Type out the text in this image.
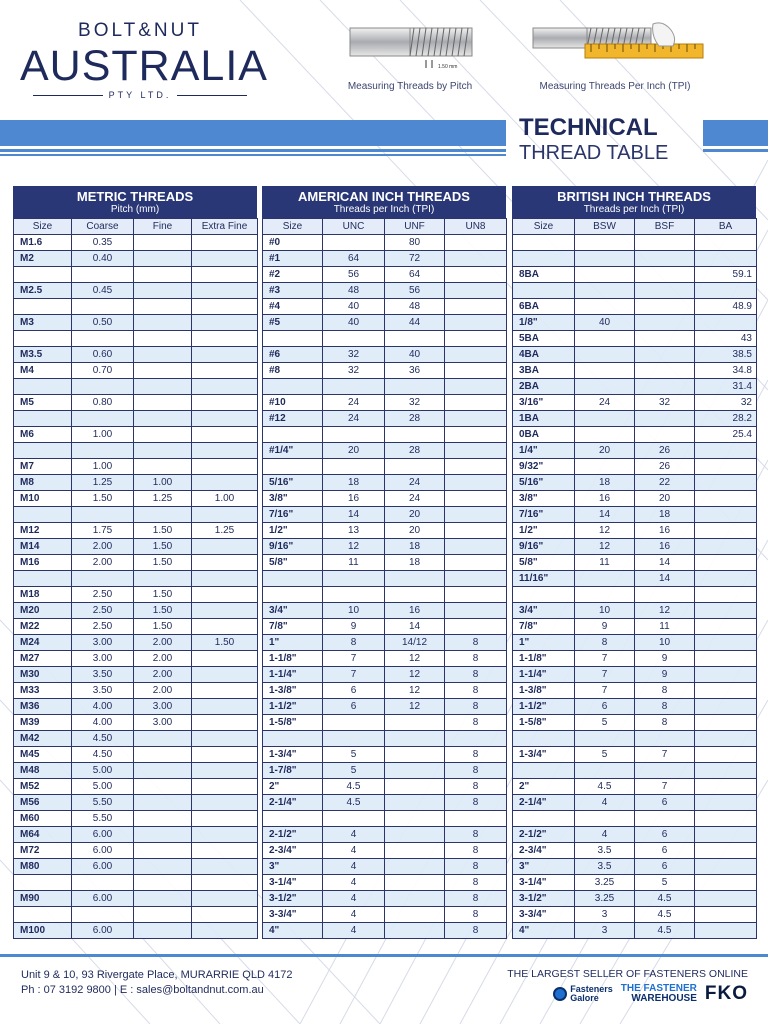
BOLT&NUT
AUSTRALIA
PTY LTD.
1.50 mm
Measuring Threads by Pitch	Measuring Threads Per Inch (TPI)
TECHNICAL
THREAD TABLE
METRIC THREADS
Pitch (mm)
Size	Coarse	Fine	Extra Fine
M1.6	0.35		
M2	0.40		

M2.5	0.45		

M3	0.50		

M3.5	0.60		
M4	0.70		

M5	0.80		

M6	1.00		

M7	1.00		
M8	1.25	1.00	
M10	1.50	1.25	1.00

M12	1.75	1.50	1.25
M14	2.00	1.50	
M16	2.00	1.50	

M18	2.50	1.50	
M20	2.50	1.50	
M22	2.50	1.50	
M24	3.00	2.00	1.50
M27	3.00	2.00	
M30	3.50	2.00	
M33	3.50	2.00	
M36	4.00	3.00	
M39	4.00	3.00	
M42	4.50		
M45	4.50		
M48	5.00		
M52	5.00		
M56	5.50		
M60	5.50		
M64	6.00		
M72	6.00		
M80	6.00		

M90	6.00		

M100	6.00		
AMERICAN INCH THREADS
Threads per Inch (TPI)
Size	UNC	UNF	UN8
#0		80	
#1	64	72	
#2	56	64	
#3	48	56	
#4	40	48	
#5	40	44	

#6	32	40	
#8	32	36	

#10	24	32	
#12	24	28	

#1/4"	20	28	

5/16"	18	24	
3/8"	16	24	
7/16"	14	20	
1/2"	13	20	
9/16"	12	18	
5/8"	11	18	

3/4"	10	16	
7/8"	9	14	
1"	8	14/12	8
1-1/8"	7	12	8
1-1/4"	7	12	8
1-3/8"	6	12	8
1-1/2"	6	12	8
1-5/8"			8

1-3/4"	5		8
1-7/8"	5		8
2"	4.5		8
2-1/4"	4.5		8

2-1/2"	4		8
2-3/4"	4		8
3"	4		8
3-1/4"	4		8
3-1/2"	4		8
3-3/4"	4		8
4"	4		8
BRITISH INCH THREADS
Threads per Inch (TPI)
Size	BSW	BSF	BA

8BA			59.1

6BA			48.9
1/8"	40		
5BA			43
4BA			38.5
3BA			34.8
2BA			31.4
3/16"	24	32	32
1BA			28.2
0BA			25.4
1/4"	20	26	
9/32"		26	
5/16"	18	22	
3/8"	16	20	
7/16"	14	18	
1/2"	12	16	
9/16"	12	16	
5/8"	11	14	
11/16"		14	

3/4"	10	12	
7/8"	9	11	
1"	8	10	
1-1/8"	7	9	
1-1/4"	7	9	
1-3/8"	7	8	
1-1/2"	6	8	
1-5/8"	5	8	

1-3/4"	5	7	

2"	4.5	7	
2-1/4"	4	6	

2-1/2"	4	6	
2-3/4"	3.5	6	
3"	3.5	6	
3-1/4"	3.25	5	
3-1/2"	3.25	4.5	
3-3/4"	3	4.5	
4"	3	4.5	
Unit 9 & 10, 93 Rivergate Place, MURARRIE QLD 4172
Ph : 07 3192 9800 | E : sales@boltandnut.com.au
THE LARGEST SELLER OF FASTENERS ONLINE
Fasteners
Galore
THE FASTENER
WAREHOUSE FKO
